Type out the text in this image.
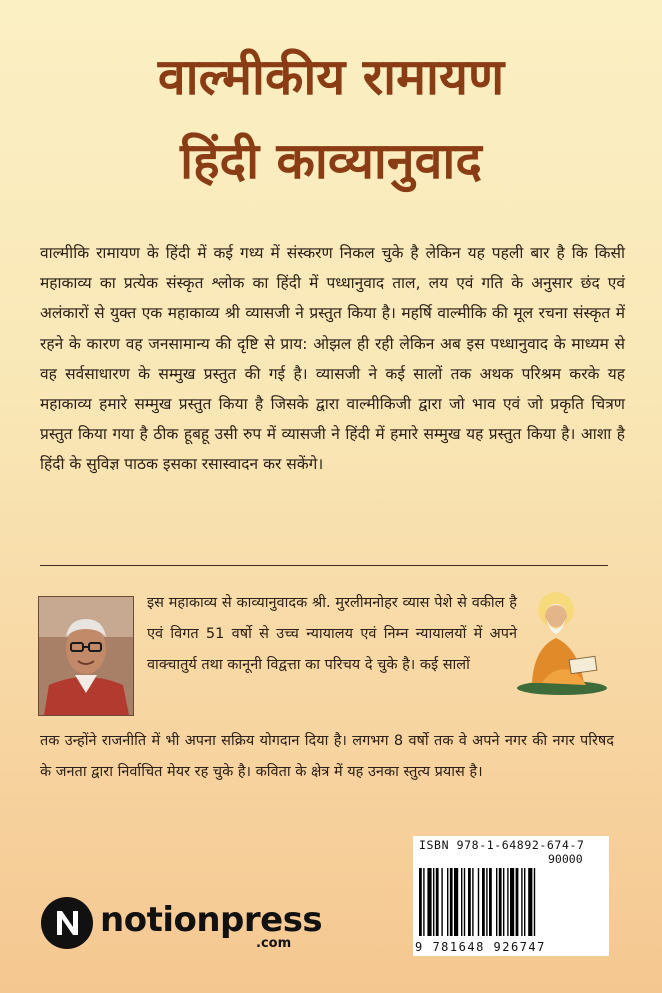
वाल्मीकीय रामायण
हिंदी काव्यानुवाद
वाल्मीकि रामायण के हिंदी में कई गध्य में संस्करण निकल चुके है लेकिन यह पहली बार है कि किसी महाकाव्य का प्रत्येक संस्कृत श्लोक का हिंदी में पध्धानुवाद ताल, लय एवं गति के अनुसार छंद एवं अलंकारों से युक्त एक महाकाव्य श्री व्यासजी ने प्रस्तुत किया है। महर्षि वाल्मीकि की मूल रचना संस्कृत में रहने के कारण वह जनसामान्य की दृष्टि से प्राय: ओझल ही रही लेकिन अब इस पध्धानुवाद के माध्यम से वह सर्वसाधारण के सम्मुख प्रस्तुत की गई है। व्यासजी ने कई सालों तक अथक परिश्रम करके यह महाकाव्य हमारे सम्मुख प्रस्तुत किया है जिसके द्वारा वाल्मीकिजी द्वारा जो भाव एवं जो प्रकृति चित्रण प्रस्तुत किया गया है ठीक हूबहू उसी रुप में व्यासजी ने हिंदी में हमारे सम्मुख यह प्रस्तुत किया है। आशा है हिंदी के सुविज्ञ पाठक इसका रसास्वादन कर सकेंगे।
इस महाकाव्य से काव्यानुवादक श्री. मुरलीमनोहर व्यास पेशे से वकील है एवं विगत 51 वर्षो से उच्च न्यायालय एवं निम्न न्यायालयों में अपने वाक्चातुर्य तथा कानूनी विद्वत्ता का परिचय दे चुके है। कई सालों
तक उन्होंने राजनीति में भी अपना सक्रिय योगदान दिया है। लगभग 8 वर्षो तक वे अपने नगर की नगर परिषद के जनता द्वारा निर्वाचित मेयर रह चुके है। कविता के क्षेत्र में यह उनका स्तुत्य प्रयास है।
ISBN 978-1-64892-674-7
90000
9 781648 926747
notionpress
.com
